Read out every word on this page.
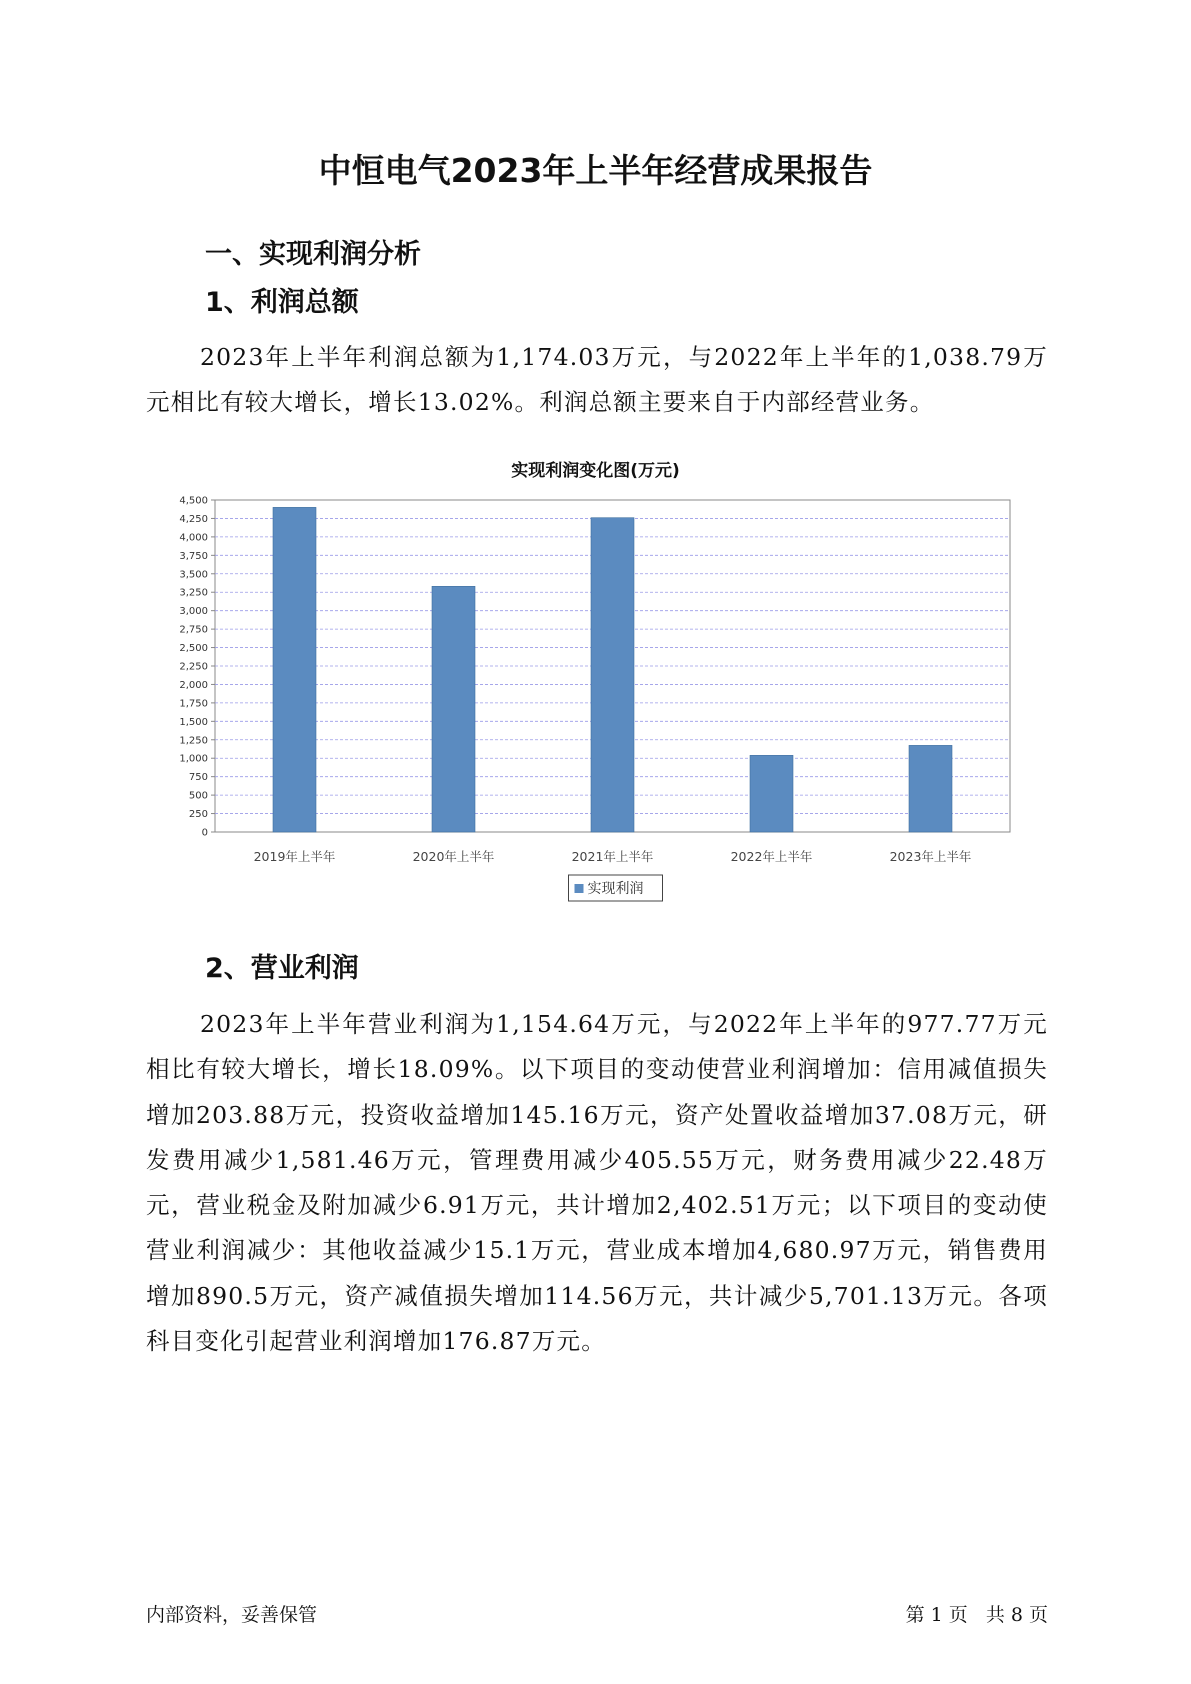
中恒电气2023年上半年经营成果报告
一、实现利润分析
1、利润总额
2023年上半年利润总额为1,174.03万元，与2022年上半年的1,038.79万元相比有较大增长，增长13.02%。利润总额主要来自于内部经营业务。
实现利润变化图(万元)
0
250
500
750
1,000
1,250
1,500
1,750
2,000
2,250
2,500
2,750
3,000
3,250
3,500
3,750
4,000
4,250
4,500
2019年上半年	2020年上半年	2021年上半年	2022年上半年	2023年上半年
实现利润
2、营业利润
2023年上半年营业利润为1,154.64万元，与2022年上半年的977.77万元相比有较大增长，增长18.09%。以下项目的变动使营业利润增加：信用减值损失增加203.88万元，投资收益增加145.16万元，资产处置收益增加37.08万元，研发费用减少1,581.46万元，管理费用减少405.55万元，财务费用减少22.48万元，营业税金及附加减少6.91万元，共计增加2,402.51万元；以下项目的变动使营业利润减少：其他收益减少15.1万元，营业成本增加4,680.97万元，销售费用增加890.5万元，资产减值损失增加114.56万元，共计减少5,701.13万元。各项科目变化引起营业利润增加176.87万元。
内部资料，妥善保管	第 1 页 共 8 页
